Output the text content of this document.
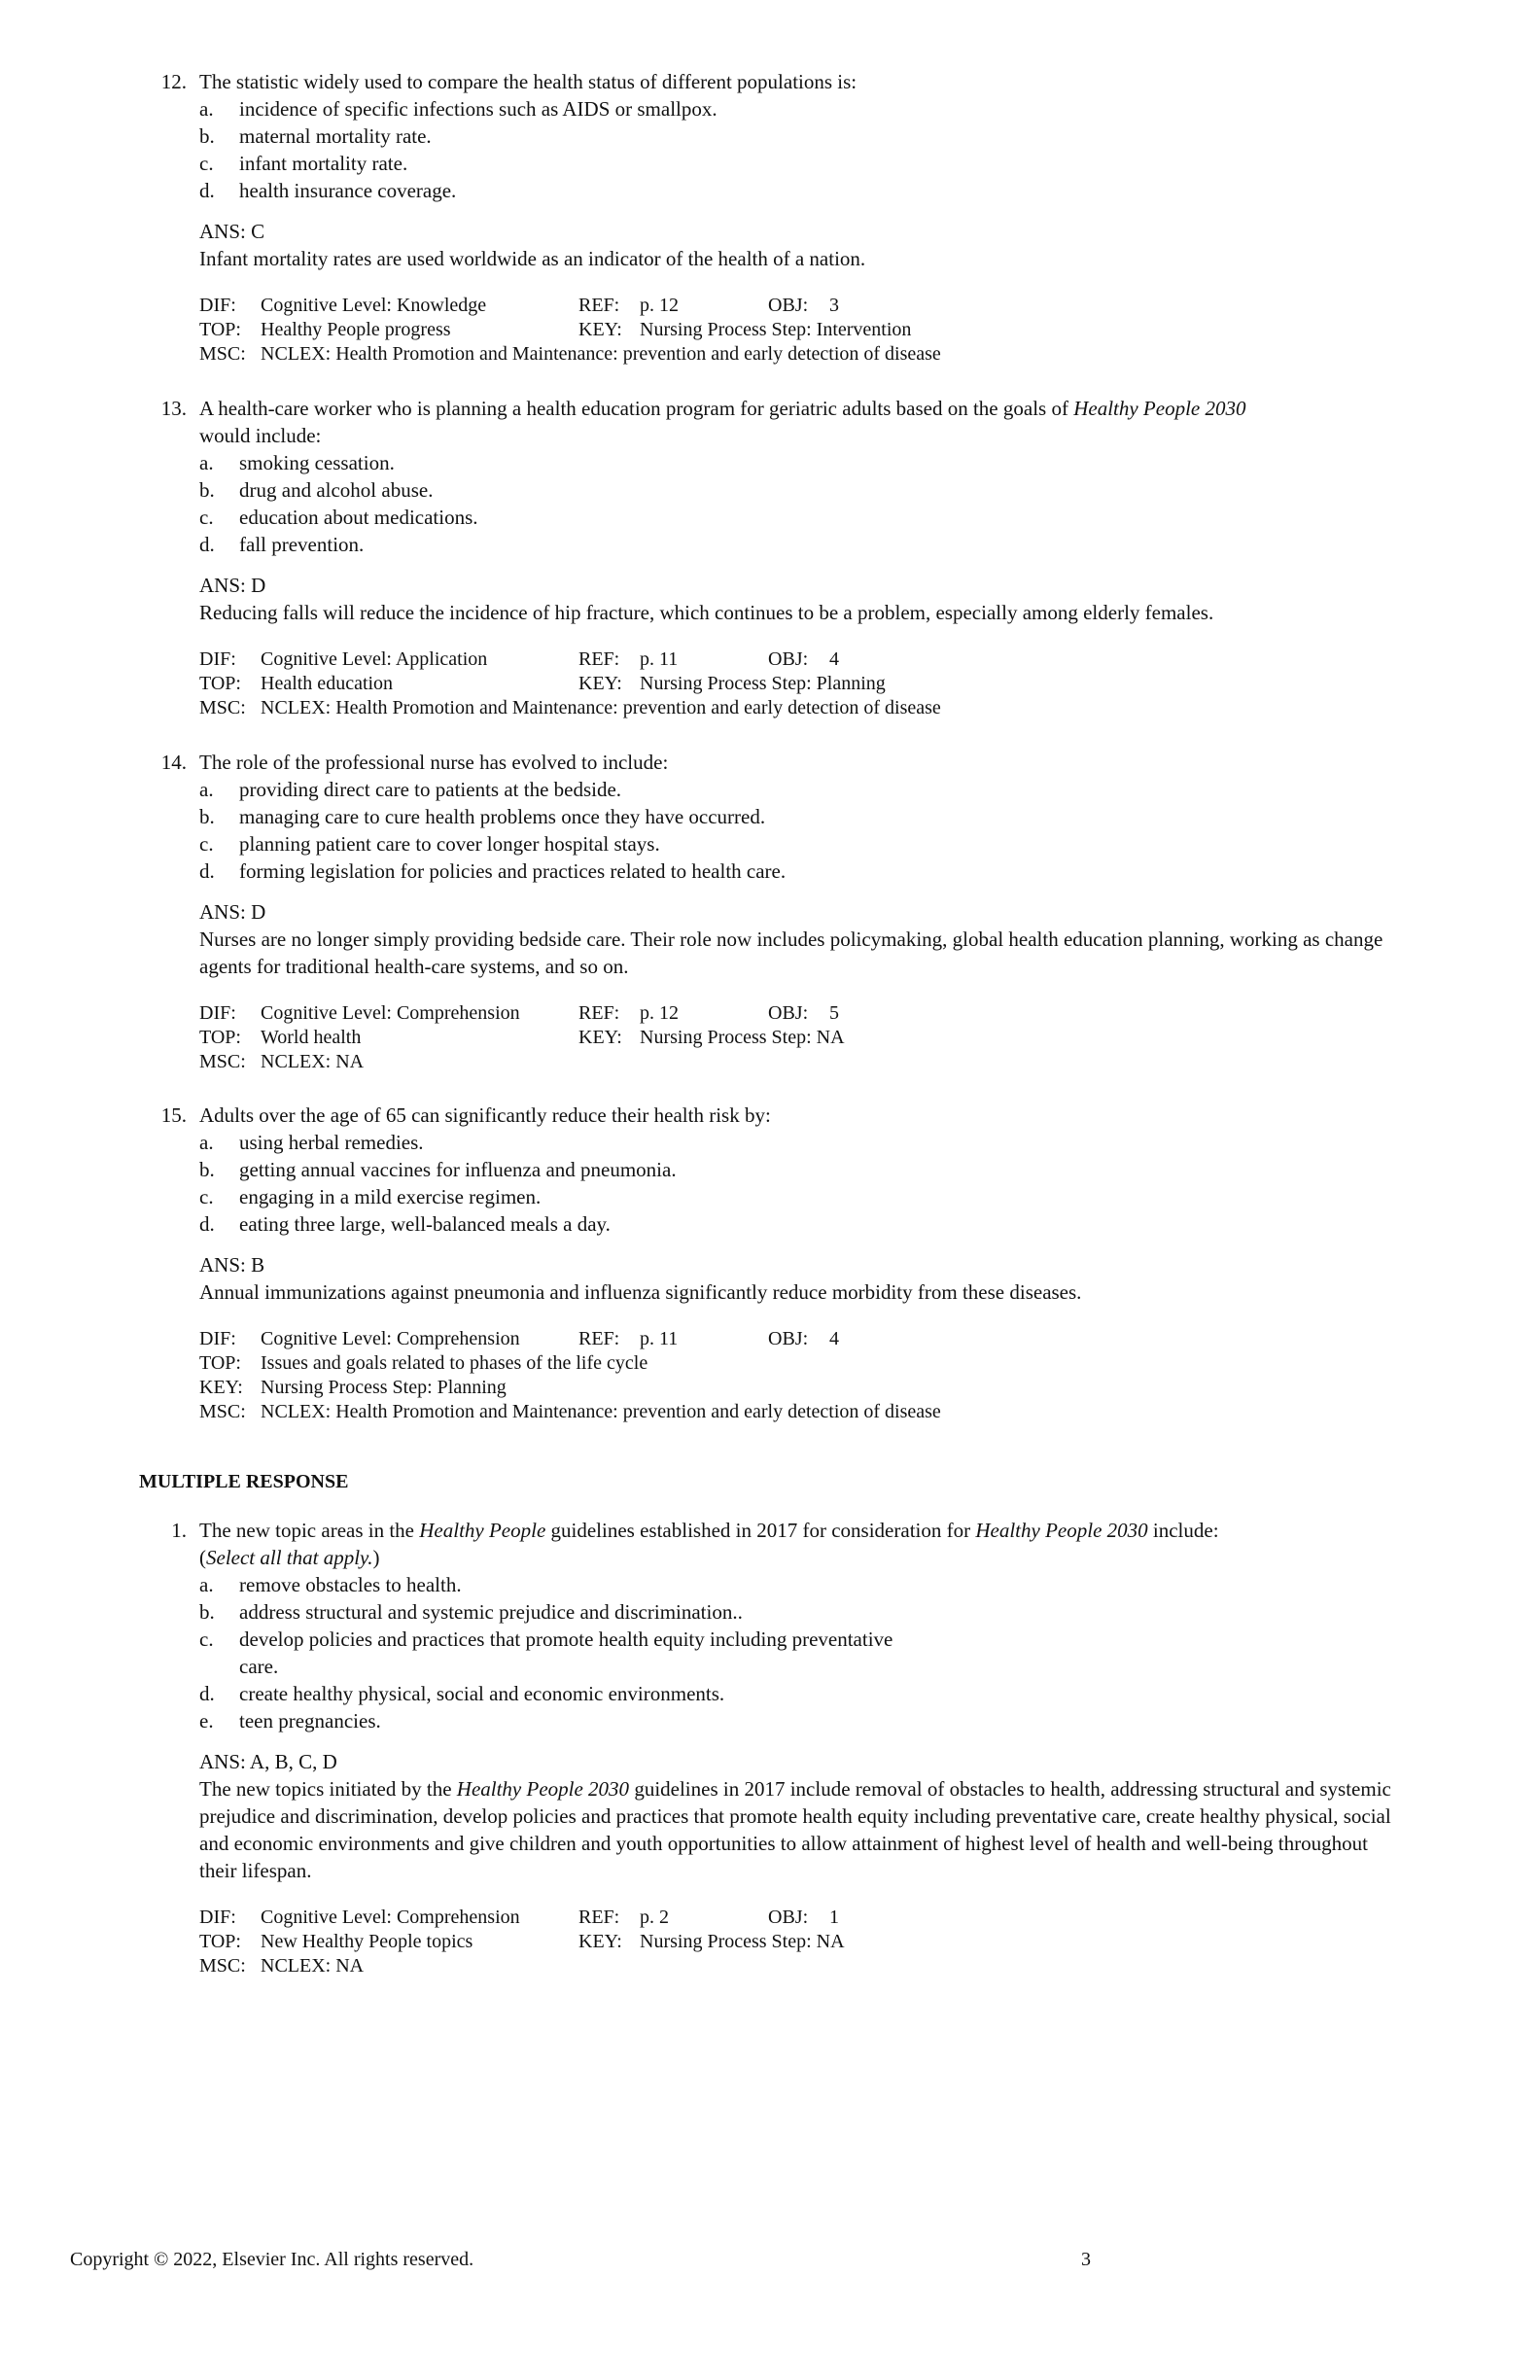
12. The statistic widely used to compare the health status of different populations is:
a.	incidence of specific infections such as AIDS or smallpox.
b.	maternal mortality rate.
c.	infant mortality rate.
d.	health insurance coverage.
ANS: C
Infant mortality rates are used worldwide as an indicator of the health of a nation.
DIF: Cognitive Level: Knowledge	REF: p. 12	OBJ: 3
TOP: Healthy People progress	KEY: Nursing Process Step: Intervention
MSC: NCLEX: Health Promotion and Maintenance: prevention and early detection of disease
13. A health-care worker who is planning a health education program for geriatric adults based on the goals of Healthy People 2030
would include:
a.	smoking cessation.
b.	drug and alcohol abuse.
c.	education about medications.
d.	fall prevention.
ANS: D
Reducing falls will reduce the incidence of hip fracture, which continues to be a problem, especially among elderly females.
DIF: Cognitive Level: Application	REF: p. 11	OBJ: 4
TOP: Health education	KEY: Nursing Process Step: Planning
MSC: NCLEX: Health Promotion and Maintenance: prevention and early detection of disease
14. The role of the professional nurse has evolved to include:
a.	providing direct care to patients at the bedside.
b.	managing care to cure health problems once they have occurred.
c.	planning patient care to cover longer hospital stays.
d.	forming legislation for policies and practices related to health care.
ANS: D
Nurses are no longer simply providing bedside care. Their role now includes policymaking, global health education planning, working as change agents for traditional health-care systems, and so on.
DIF: Cognitive Level: Comprehension	REF: p. 12	OBJ: 5
TOP: World health	KEY: Nursing Process Step: NA
MSC: NCLEX: NA
15. Adults over the age of 65 can significantly reduce their health risk by:
a.	using herbal remedies.
b.	getting annual vaccines for influenza and pneumonia.
c.	engaging in a mild exercise regimen.
d.	eating three large, well-balanced meals a day.
ANS: B
Annual immunizations against pneumonia and influenza significantly reduce morbidity from these diseases.
DIF: Cognitive Level: Comprehension	REF: p. 11	OBJ: 4
TOP: Issues and goals related to phases of the life cycle
KEY: Nursing Process Step: Planning
MSC: NCLEX: Health Promotion and Maintenance: prevention and early detection of disease
MULTIPLE RESPONSE
1. The new topic areas in the Healthy People guidelines established in 2017 for consideration for Healthy People 2030 include:
(Select all that apply.)
a.	remove obstacles to health.
b.	address structural and systemic prejudice and discrimination..
c.	develop policies and practices that promote health equity including preventative
care.
d.	create healthy physical, social and economic environments.
e.	teen pregnancies.
ANS: A, B, C, D
The new topics initiated by the Healthy People 2030 guidelines in 2017 include removal of obstacles to health, addressing structural and systemic prejudice and discrimination, develop policies and practices that promote health equity including preventative care, create healthy physical, social and economic environments and give children and youth opportunities to allow attainment of highest level of health and well-being throughout their lifespan.
DIF: Cognitive Level: Comprehension	REF: p. 2	OBJ: 1
TOP: New Healthy People topics	KEY: Nursing Process Step: NA
MSC: NCLEX: NA
Copyright © 2022, Elsevier Inc. All rights reserved.	3
